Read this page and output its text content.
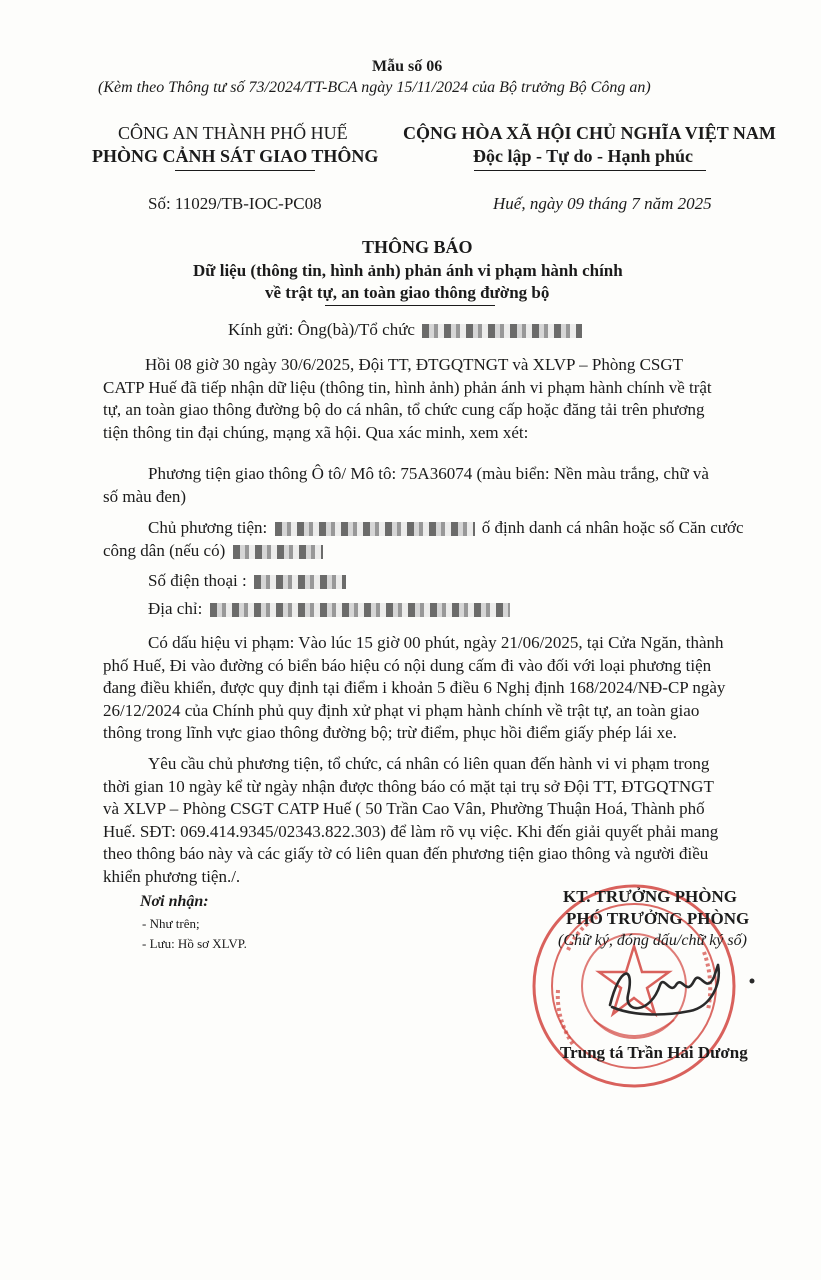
Mẫu số 06
(Kèm theo Thông tư số 73/2024/TT-BCA ngày 15/11/2024 của Bộ trưởng Bộ Công an)
CÔNG AN THÀNH PHỐ HUẾ
PHÒNG CẢNH SÁT GIAO THÔNG
CỘNG HÒA XÃ HỘI CHỦ NGHĨA VIỆT NAM
Độc lập - Tự do - Hạnh phúc
Số: 11029/TB-IOC-PC08	Huế, ngày 09 tháng 7 năm 2025
THÔNG BÁO
Dữ liệu (thông tin, hình ảnh) phản ánh vi phạm hành chính
về trật tự, an toàn giao thông đường bộ
Kính gửi: Ông(bà)/Tổ chức
Hồi 08 giờ 30 ngày 30/6/2025, Đội TT, ĐTGQTNGT và XLVP – Phòng CSGT
CATP Huế đã tiếp nhận dữ liệu (thông tin, hình ảnh) phản ánh vi phạm hành chính về trật
tự, an toàn giao thông đường bộ do cá nhân, tổ chức cung cấp hoặc đăng tải trên phương
tiện thông tin đại chúng, mạng xã hội. Qua xác minh, xem xét:
Phương tiện giao thông Ô tô/ Mô tô: 75A36074 (màu biển: Nền màu trắng, chữ và
số màu đen)
Chủ phương tiện:	ố định danh cá nhân hoặc số Căn cước
công dân (nếu có)
Số điện thoại :
Địa chỉ:
Có dấu hiệu vi phạm: Vào lúc 15 giờ 00 phút, ngày 21/06/2025, tại Cửa Ngăn, thành
phố Huế, Đi vào đường có biển báo hiệu có nội dung cấm đi vào đối với loại phương tiện
đang điều khiển, được quy định tại điểm i khoản 5 điều 6 Nghị định 168/2024/NĐ-CP ngày
26/12/2024 của Chính phủ quy định xử phạt vi phạm hành chính về trật tự, an toàn giao
thông trong lĩnh vực giao thông đường bộ; trừ điểm, phục hồi điểm giấy phép lái xe.
Yêu cầu chủ phương tiện, tổ chức, cá nhân có liên quan đến hành vi vi phạm trong
thời gian 10 ngày kể từ ngày nhận được thông báo có mặt tại trụ sở Đội TT, ĐTGQTNGT
và XLVP – Phòng CSGT CATP Huế ( 50 Trần Cao Vân, Phường Thuận Hoá, Thành phố
Huế. SĐT: 069.414.9345/02343.822.303) để làm rõ vụ việc. Khi đến giải quyết phải mang
theo thông báo này và các giấy tờ có liên quan đến phương tiện giao thông và người điều
khiển phương tiện./.
Nơi nhận:
- Như trên;
- Lưu: Hồ sơ XLVP.
KT. TRƯỞNG PHÒNG
PHÓ TRƯỞNG PHÒNG
(Chữ ký, đóng dấu/chữ ký số)
Trung tá Trần Hải Dương
